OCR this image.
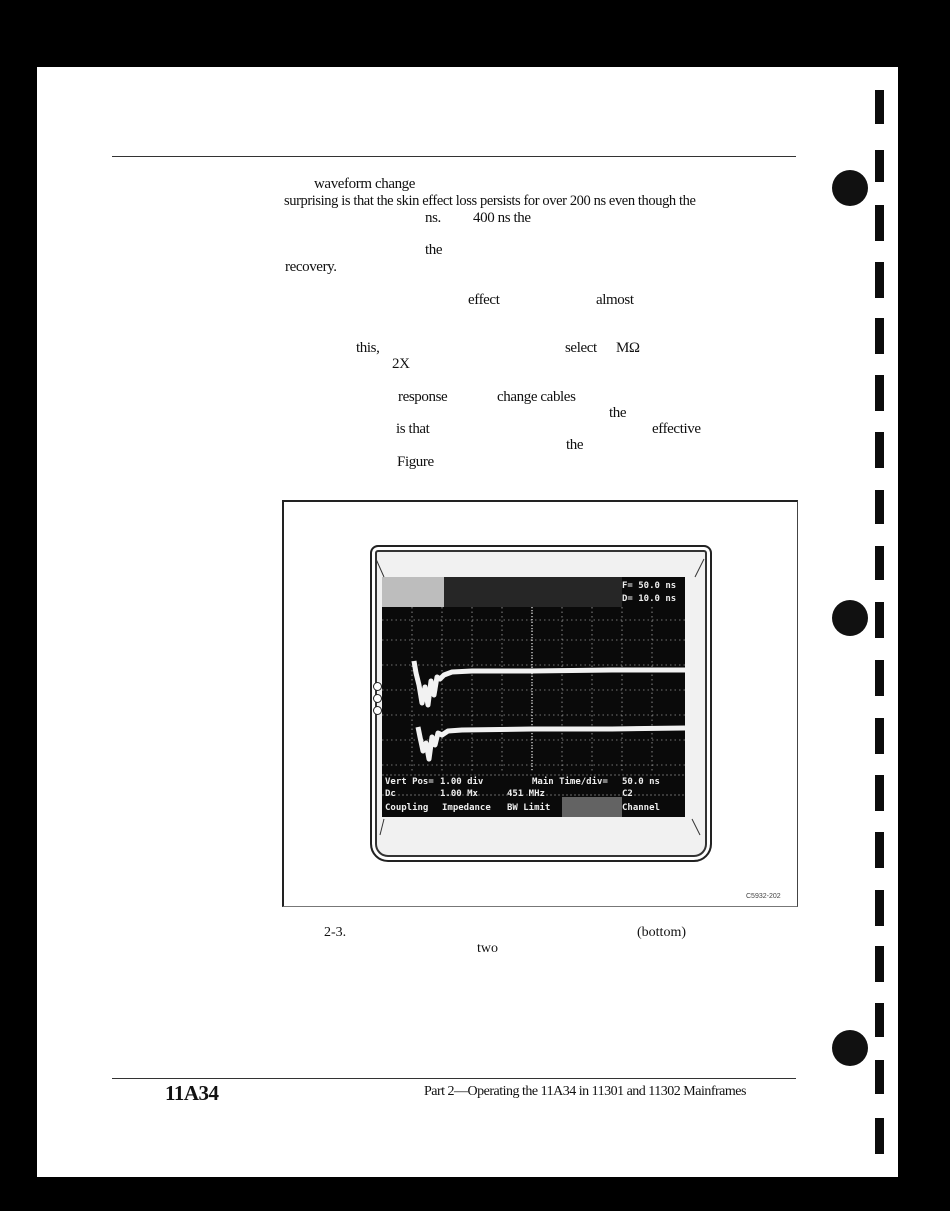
waveform change
surprising is that the skin effect loss persists for over 200 ns even though the
ns. 400 ns the
the
recovery.
effect	almost
this,	select MΩ
2X
response	change cables
the
is that
the
effective
Figure
F= 50.0 ns
D= 10.0 ns
Vert Pos= 1.00 div	Main Time/div= 50.0 ns
Dc	1.00 Mx	451 MHz	C2
Coupling Impedance BW Limit	Channel
C5932-202
2-3.	(bottom)
two
11A34	Part 2—Operating the 11A34 in 11301 and 11302 Mainframes
